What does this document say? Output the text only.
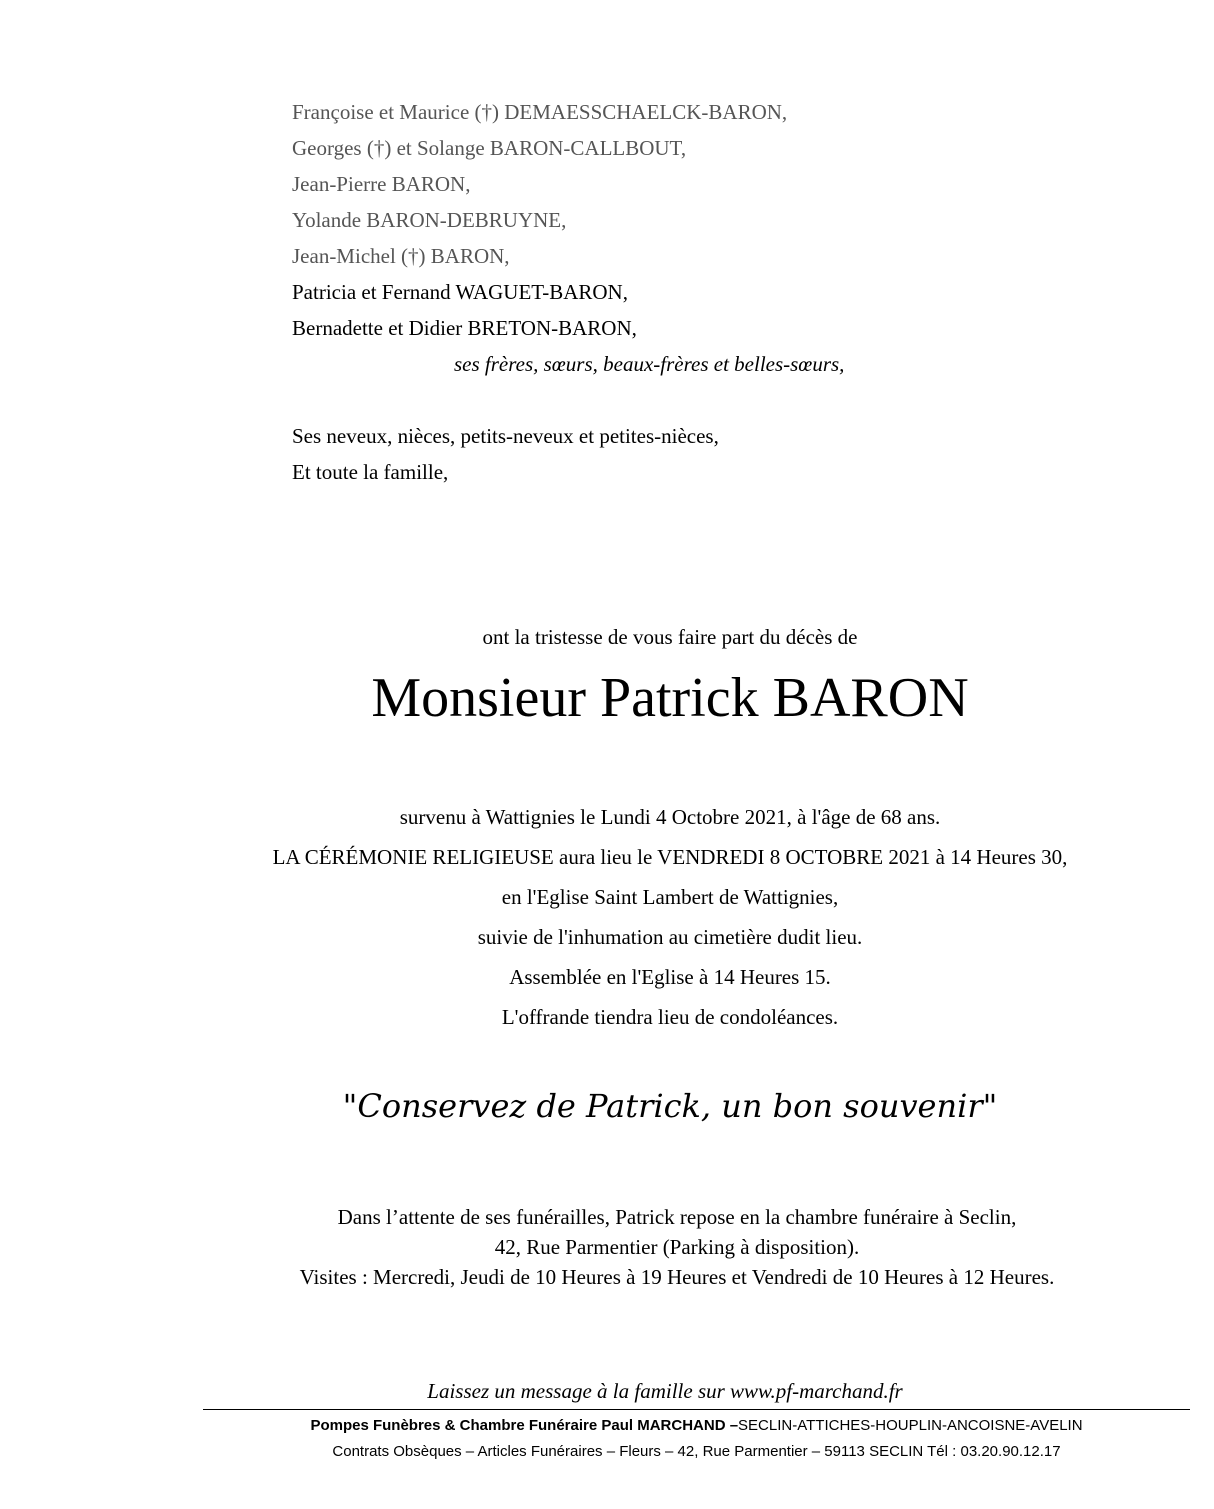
Françoise et Maurice (†) DEMAESSCHAELCK-BARON,
Georges (†) et Solange BARON-CALLBOUT,
Jean-Pierre BARON,
Yolande BARON-DEBRUYNE,
Jean-Michel (†) BARON,
Patricia et Fernand WAGUET-BARON,
Bernadette et Didier BRETON-BARON,
ses frères, sœurs, beaux-frères et belles-sœurs,
Ses neveux, nièces, petits-neveux et petites-nièces,
Et toute la famille,
ont la tristesse de vous faire part du décès de
Monsieur Patrick BARON
survenu à Wattignies le Lundi 4 Octobre 2021, à l'âge de 68 ans.
LA CÉRÉMONIE RELIGIEUSE aura lieu le VENDREDI 8 OCTOBRE 2021 à 14 Heures 30,
en l'Eglise Saint Lambert de Wattignies,
suivie de l'inhumation au cimetière dudit lieu.
Assemblée en l'Eglise à 14 Heures 15.
L'offrande tiendra lieu de condoléances.
"Conservez de Patrick, un bon souvenir"
Dans l’attente de ses funérailles, Patrick repose en la chambre funéraire à Seclin,
42, Rue Parmentier (Parking à disposition).
Visites : Mercredi, Jeudi de 10 Heures à 19 Heures et Vendredi de 10 Heures à 12 Heures.
Laissez un message à la famille sur www.pf-marchand.fr
Pompes Funèbres & Chambre Funéraire Paul MARCHAND –SECLIN-ATTICHES-HOUPLIN-ANCOISNE-AVELIN
Contrats Obsèques – Articles Funéraires – Fleurs – 42, Rue Parmentier – 59113 SECLIN Tél : 03.20.90.12.17
